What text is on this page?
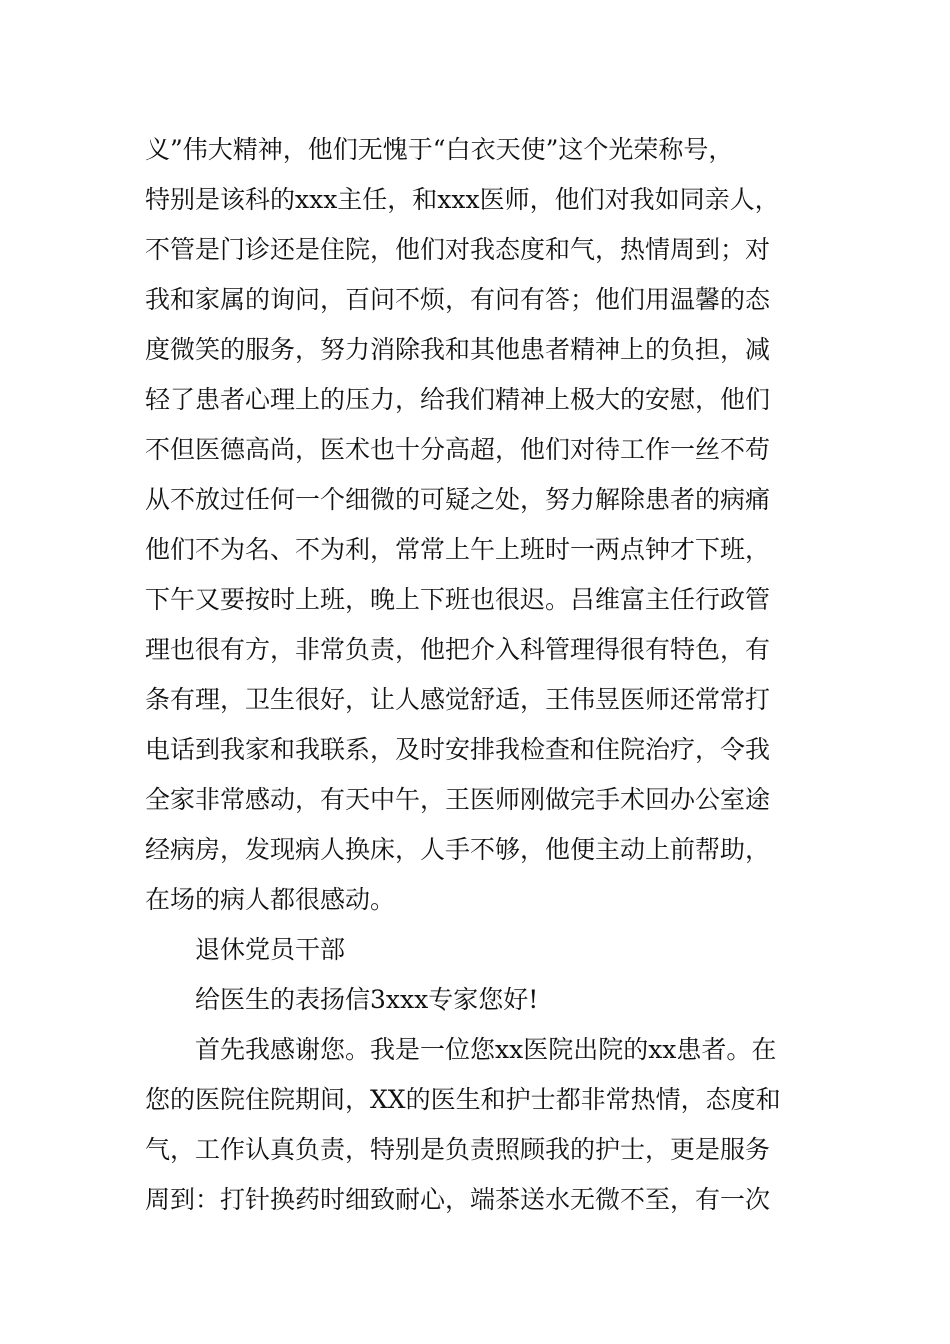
义”伟大精神，他们无愧于“白衣天使”这个光荣称号，
特别是该科的xxx主任，和xxx医师，他们对我如同亲人，
不管是门诊还是住院，他们对我态度和气，热情周到；对
我和家属的询问，百问不烦，有问有答；他们用温馨的态
度微笑的服务，努力消除我和其他患者精神上的负担，减
轻了患者心理上的压力，给我们精神上极大的安慰，他们
不但医德高尚，医术也十分高超，他们对待工作一丝不苟
从不放过任何一个细微的可疑之处，努力解除患者的病痛
他们不为名、不为利，常常上午上班时一两点钟才下班，
下午又要按时上班，晚上下班也很迟。吕维富主任行政管
理也很有方，非常负责，他把介入科管理得很有特色，有
条有理，卫生很好，让人感觉舒适，王伟昱医师还常常打
电话到我家和我联系，及时安排我检查和住院治疗，令我
全家非常感动，有天中午，王医师刚做完手术回办公室途
经病房，发现病人换床，人手不够，他便主动上前帮助，
在场的病人都很感动。
退休党员干部
给医生的表扬信3xxx专家您好!
首先我感谢您。我是一位您xx医院出院的xx患者。在
您的医院住院期间，XX的医生和护士都非常热情，态度和
气，工作认真负责，特别是负责照顾我的护士，更是服务
周到：打针换药时细致耐心，端茶送水无微不至，有一次
